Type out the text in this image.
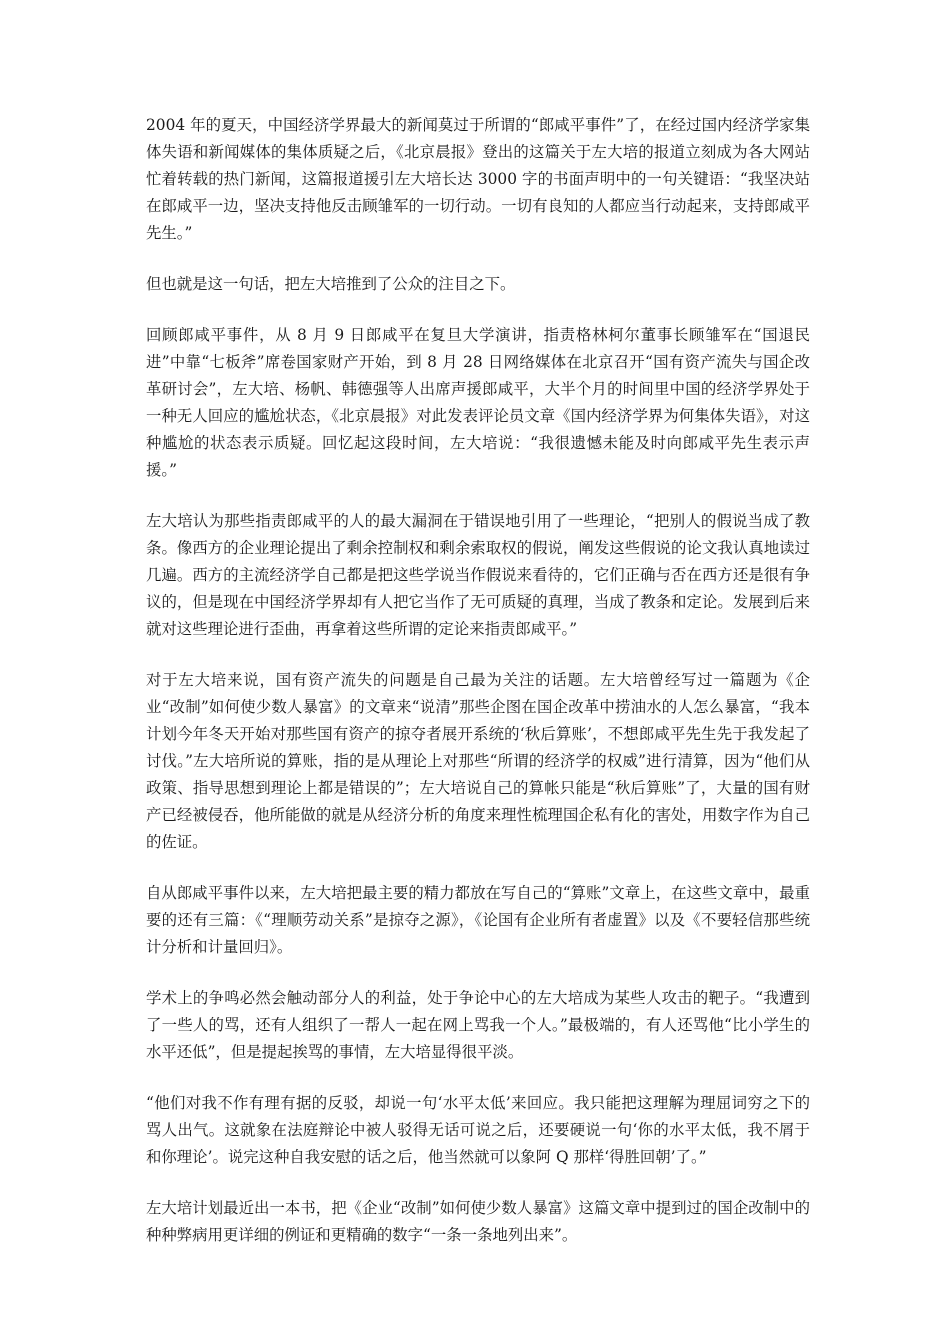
2004 年的夏天，中国经济学界最大的新闻莫过于所谓的“郎咸平事件”了，在经过国内经济学家集体失语和新闻媒体的集体质疑之后，《北京晨报》登出的这篇关于左大培的报道立刻成为各大网站忙着转载的热门新闻，这篇报道援引左大培长达 3000 字的书面声明中的一句关键语：“我坚决站在郎咸平一边，坚决支持他反击顾雏军的一切行动。一切有良知的人都应当行动起来，支持郎咸平先生。”

但也就是这一句话，把左大培推到了公众的注目之下。

回顾郎咸平事件，从 8 月 9 日郎咸平在复旦大学演讲，指责格林柯尔董事长顾雏军在“国退民进”中靠“七板斧”席卷国家财产开始，到 8 月 28 日网络媒体在北京召开“国有资产流失与国企改革研讨会”，左大培、杨帆、韩德强等人出席声援郎咸平，大半个月的时间里中国的经济学界处于一种无人回应的尴尬状态，《北京晨报》对此发表评论员文章《国内经济学界为何集体失语》，对这种尴尬的状态表示质疑。回忆起这段时间，左大培说：“我很遗憾未能及时向郎咸平先生表示声援。”

左大培认为那些指责郎咸平的人的最大漏洞在于错误地引用了一些理论，“把别人的假说当成了教条。像西方的企业理论提出了剩余控制权和剩余索取权的假说，阐发这些假说的论文我认真地读过几遍。西方的主流经济学自己都是把这些学说当作假说来看待的，它们正确与否在西方还是很有争议的，但是现在中国经济学界却有人把它当作了无可质疑的真理，当成了教条和定论。发展到后来就对这些理论进行歪曲，再拿着这些所谓的定论来指责郎咸平。”

对于左大培来说，国有资产流失的问题是自己最为关注的话题。左大培曾经写过一篇题为《企业“改制”如何使少数人暴富》的文章来“说清”那些企图在国企改革中捞油水的人怎么暴富，“我本计划今年冬天开始对那些国有资产的掠夺者展开系统的‘秋后算账’，不想郎咸平先生先于我发起了讨伐。”左大培所说的算账，指的是从理论上对那些“所谓的经济学的权威”进行清算，因为“他们从政策、指导思想到理论上都是错误的”；左大培说自己的算帐只能是“秋后算账”了，大量的国有财产已经被侵吞，他所能做的就是从经济分析的角度来理性梳理国企私有化的害处，用数字作为自己的佐证。

自从郎咸平事件以来，左大培把最主要的精力都放在写自己的“算账”文章上，在这些文章中，最重要的还有三篇：《“理顺劳动关系”是掠夺之源》，《论国有企业所有者虚置》以及《不要轻信那些统计分析和计量回归》。

学术上的争鸣必然会触动部分人的利益，处于争论中心的左大培成为某些人攻击的靶子。“我遭到了一些人的骂，还有人组织了一帮人一起在网上骂我一个人。”最极端的，有人还骂他“比小学生的水平还低”，但是提起挨骂的事情，左大培显得很平淡。

“他们对我不作有理有据的反驳，却说一句‘水平太低’来回应。我只能把这理解为理屈词穷之下的骂人出气。这就象在法庭辩论中被人驳得无话可说之后，还要硬说一句‘你的水平太低，我不屑于和你理论’。说完这种自我安慰的话之后，他当然就可以象阿 Q 那样‘得胜回朝’了。”

左大培计划最近出一本书，把《企业“改制”如何使少数人暴富》这篇文章中提到过的国企改制中的种种弊病用更详细的例证和更精确的数字“一条一条地列出来”。
